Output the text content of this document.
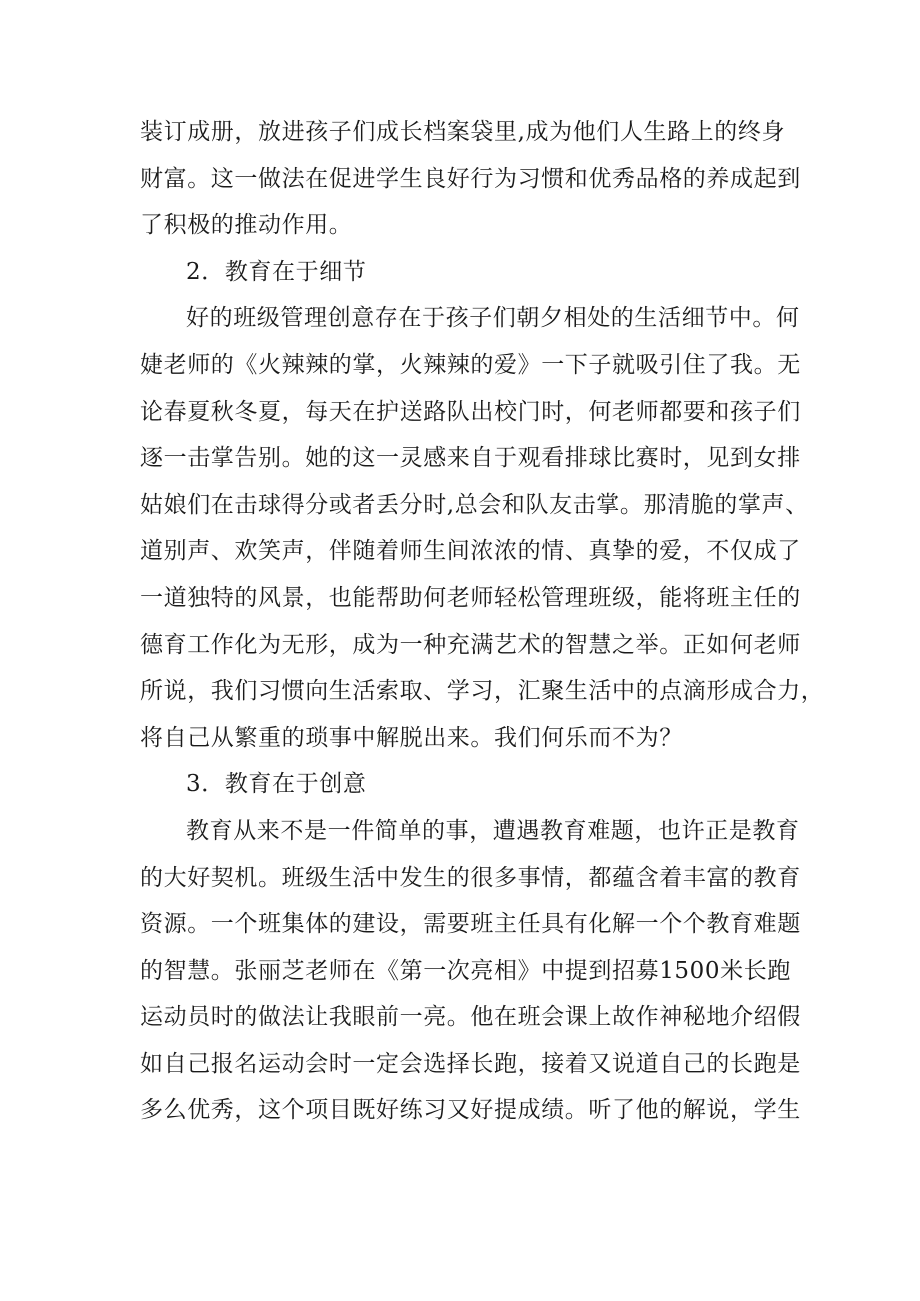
装订成册，放进孩子们成长档案袋里,成为他们人生路上的终身
财富。这一做法在促进学生良好行为习惯和优秀品格的养成起到
了积极的推动作用。
2．教育在于细节
好的班级管理创意存在于孩子们朝夕相处的生活细节中。何
婕老师的《火辣辣的掌，火辣辣的爱》一下子就吸引住了我。无
论春夏秋冬夏，每天在护送路队出校门时，何老师都要和孩子们
逐一击掌告别。她的这一灵感来自于观看排球比赛时，见到女排
姑娘们在击球得分或者丢分时,总会和队友击掌。那清脆的掌声、
道别声、欢笑声，伴随着师生间浓浓的情、真挚的爱，不仅成了
一道独特的风景，也能帮助何老师轻松管理班级，能将班主任的
德育工作化为无形，成为一种充满艺术的智慧之举。正如何老师
所说，我们习惯向生活索取、学习，汇聚生活中的点滴形成合力，
将自己从繁重的琐事中解脱出来。我们何乐而不为？
3．教育在于创意
教育从来不是一件简单的事，遭遇教育难题，也许正是教育
的大好契机。班级生活中发生的很多事情，都蕴含着丰富的教育
资源。一个班集体的建设，需要班主任具有化解一个个教育难题
的智慧。张丽芝老师在《第一次亮相》中提到招募1500米长跑
运动员时的做法让我眼前一亮。他在班会课上故作神秘地介绍假
如自己报名运动会时一定会选择长跑，接着又说道自己的长跑是
多么优秀，这个项目既好练习又好提成绩。听了他的解说，学生
